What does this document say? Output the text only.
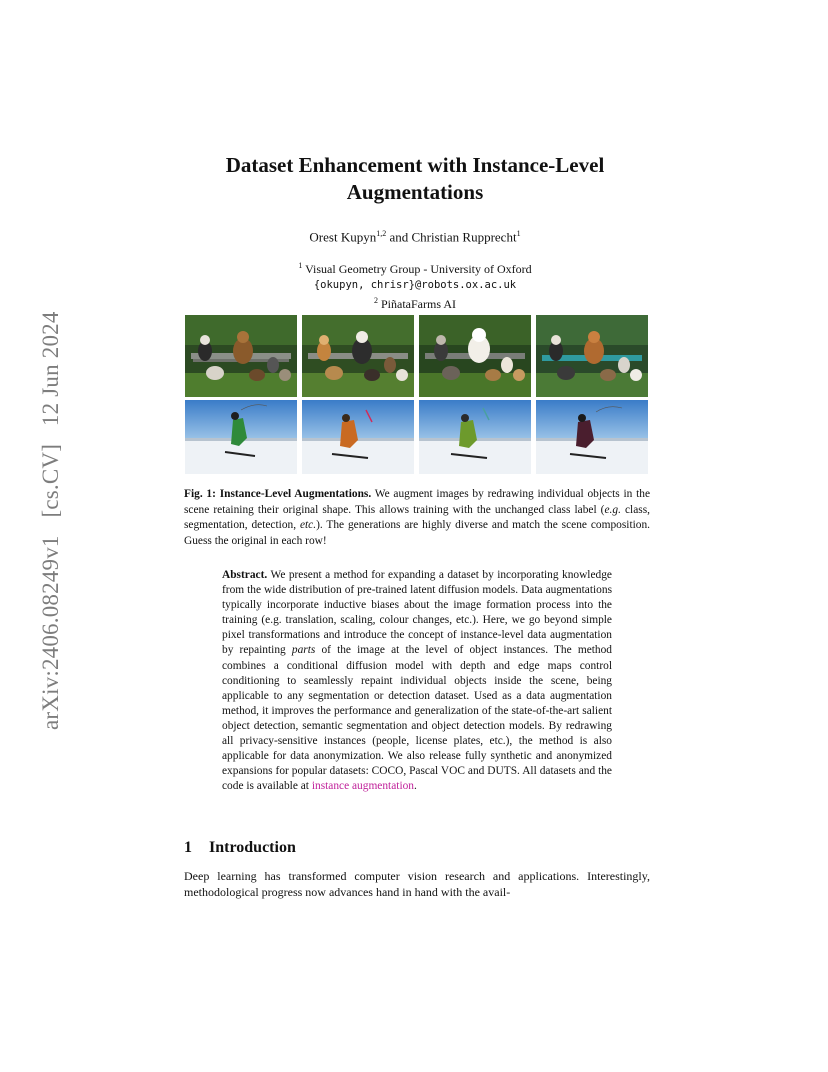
arXiv:2406.08249v1   [cs.CV]   12 Jun 2024
Dataset Enhancement with Instance-Level
Augmentations
Orest Kupyn$^{1,2}$ and Christian Rupprecht$^1$
$^1$ Visual Geometry Group - University of Oxford
{okupyn, chrisr}@robots.ox.ac.uk
$^2$ PiñataFarms AI
Fig. 1: Instance-Level Augmentations. We augment images by redrawing individual objects in the scene retaining their original shape. This allows training with the unchanged class label (e.g. class, segmentation, detection, etc.). The generations are highly diverse and match the scene composition. Guess the original in each row!
Abstract. We present a method for expanding a dataset by incorporating knowledge from the wide distribution of pre-trained latent diffusion models. Data augmentations typically incorporate inductive biases about the image formation process into the training (e.g. translation, scaling, colour changes, etc.). Here, we go beyond simple pixel transformations and introduce the concept of instance-level data augmentation by repainting parts of the image at the level of object instances. The method combines a conditional diffusion model with depth and edge maps control conditioning to seamlessly repaint individual objects inside the scene, being applicable to any segmentation or detection dataset. Used as a data augmentation method, it improves the performance and generalization of the state-of-the-art salient object detection, semantic segmentation and object detection models. By redrawing all privacy-sensitive instances (people, license plates, etc.), the method is also applicable for data anonymization. We also release fully synthetic and anonymized expansions for popular datasets: COCO, Pascal VOC and DUTS. All datasets and the code is available at instance augmentation.
1 Introduction
Deep learning has transformed computer vision research and applications. Interestingly, methodological progress now advances hand in hand with the avail-
